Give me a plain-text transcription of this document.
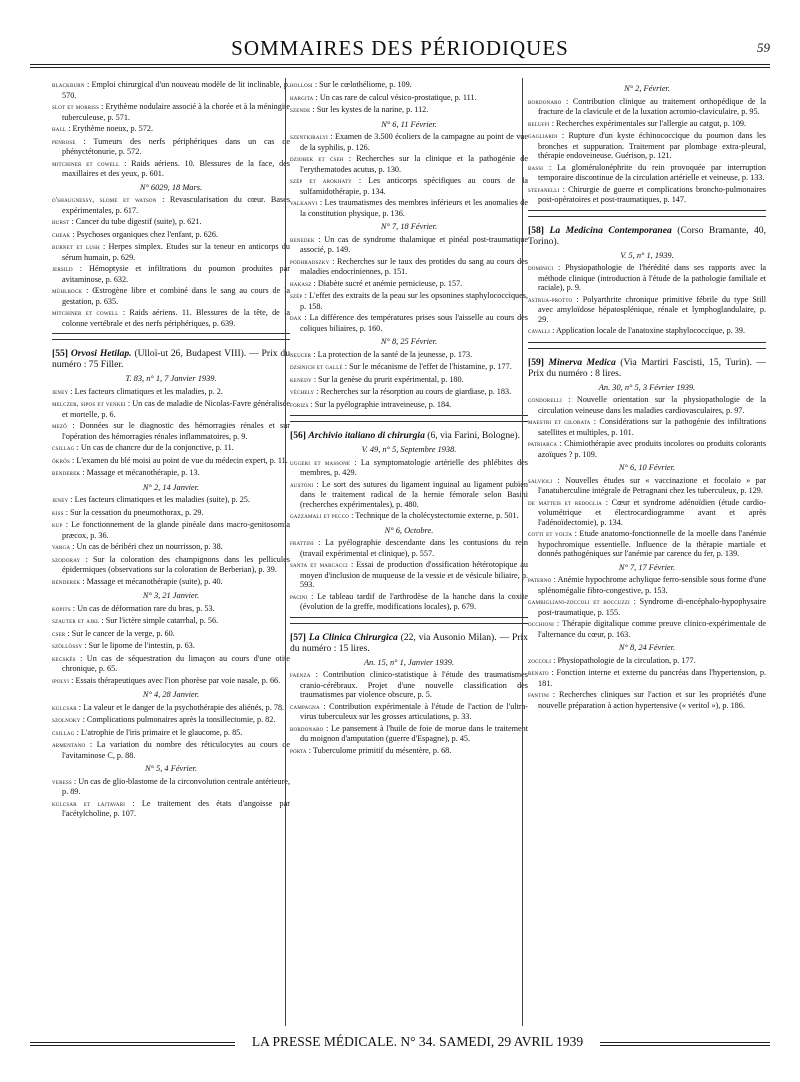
SOMMAIRES DES PÉRIODIQUES	59
blackburn : Emploi chirurgical d'un nouveau modèle de lit inclinable, p. 570.
slot et morriss : Erythème nodulaire associé à la chorée et à la méningite tuberculeuse, p. 571.
hall : Erythème noeux, p. 572.
penrose : Tumeurs des nerfs périphériques dans un cas de phényctétonurie, p. 572.
mitchiner et cowell : Raids aériens. 10. Blessures de la face, des maxillaires et des yeux, p. 601.
N° 6029, 18 Mars.
o'shaugnessy, slome et watson : Revascularisation du cœur. Bases expérimentales, p. 617.
hurst : Cancer du tube digestif (suite), p. 621.
cheak : Psychoses organiques chez l'enfant, p. 626.
burnet et lush : Herpes simplex. Etudes sur la teneur en anticorps du sérum humain, p. 629.
jersild : Hémoptysie et infiltrations du poumon produites par avitaminose, p. 632.
mühlbock : Œstrogène libre et combiné dans le sang au cours de la gestation, p. 635.
mitchiner et cowell : Raids aériens. 11. Blessures de la tête, de la colonne vertébrale et des nerfs périphériques, p. 639.
[55] Orvosi Hetilap. (Ulloï-ut 26, Budapest VIII). — Prix du numéro : 75 Filler.
T. 83, n° 1, 7 Janvier 1939.
jeney : Les facteurs climatiques et les maladies, p. 2.
melczer, sipos et venkei : Un cas de maladie de Nicolas-Favre généralisée et mortelle, p. 6.
mező : Données sur le diagnostic des hémorragies rénales et sur l'opération des hémorragies rénales inflammatoires, p. 9.
csillag : Un cas de chancre dur de la conjonctive, p. 11.
ökrös : L'examen du blé moisi au point de vue du médecin expert, p. 11.
benderek : Massage et mécanothérapie, p. 13.
N° 2, 14 Janvier.
jeney : Les facteurs climatiques et les maladies (suite), p. 25.
kiss : Sur la cessation du pneumothorax, p. 29.
kup : Le fonctionnement de la glande pinéale dans macro-genitosomia præcox, p. 36.
varga : Un cas de béribéri chez un nourrisson, p. 38.
szodoray : Sur la coloration des champignons dans les pellicules épidermiques (observations sur la coloration de Berberian), p. 39.
benderek : Massage et mécanothérapie (suite), p. 40.
N° 3, 21 Janvier.
kopits : Un cas de déformation rare du bras, p. 53.
szauter et ajkl : Sur l'ictère simple catarrhal, p. 56.
cser : Sur le cancer de la verge, p. 60.
szöllössy : Sur le lipome de l'intestin, p. 63.
kecskés : Un cas de séquestration du limaçon au cours d'une otite chronique, p. 65.
ipolyi : Essais thérapeutiques avec l'ion phorèse par voie nasale, p. 66.
N° 4, 28 Janvier.
kulcsar : La valeur et le danger de la psychothérapie des aliénés, p. 78.
szolnoky : Complications pulmonaires après la tonsillectomie, p. 82.
csillag : L'atrophie de l'iris primaire et le glaucome, p. 85.
armentano : La variation du nombre des réticulocytes au cours de l'avitaminose C, p. 88.
N° 5, 4 Février.
veress : Un cas de glio-blastome de la circonvolution centrale antérieure, p. 89.
kulcsar et lajtavari : Le traitement des états d'angoisse par l'acétylcholine, p. 107.
hollosi : Sur le cœlothéliome, p. 109.
hargita : Un cas rare de calcul vésico-prostatique, p. 111.
szende : Sur les kystes de la narine, p. 112.
N° 6, 11 Février.
szentkiralyi : Examen de 3.500 écoliers de la campagne au point de vue de la syphilis, p. 126.
dziobek et cseh : Recherches sur la clinique et la pathogénie de l'erythematodes acutus, p. 130.
szép et arokhaty : Les anticorps spécifiques au cours de la sulfamidothérapie, p. 134.
valkanyi : Les traumatismes des membres inférieurs et les anomalies de la constitution physique, p. 136.
N° 7, 18 Février.
benedek : Un cas de syndrome thalamique et pinéal post-traumatique associé, p. 149.
podhradszky : Recherches sur le taux des protides du sang au cours des maladies endocriniennes, p. 151.
hakasz : Diabète sucré et anémie pernicieuse, p. 157.
szép : L'effet des extraits de la peau sur les opsonines staphylococciques, p. 158.
dax : La différence des températures prises sous l'aisselle au cours des coliques biliaires, p. 160.
N° 8, 25 Février.
neucer : La protection de la santé de la jeunesse, p. 173.
dzsinich et gallé : Sur le mécanisme de l'effet de l'histamine, p. 177.
kenedy : Sur la genèse du prurit expérimental, p. 180.
véchely : Recherches sur la résorption au cours de giardiase, p. 183.
forizs : Sur la pyélographie intraveineuse, p. 184.
[56] Archivio italiano di chirurgia (6, via Farini, Bologne).
V. 49, n° 5, Septembre 1938.
uggeri et massone : La symptomatologie artérielle des phlébites des membres, p. 429.
austoni : Le sort des sutures du ligament inguinal au ligament pubien dans le traitement radical de la hernie fémorale selon Basini (recherches expérimentales), p. 480.
gazzamali et pecco : Technique de la cholécystectomie externe, p. 501.
N° 6, Octobre.
frattini : La pyélographie descendante dans les contusions du rein (travail expérimental et clinique), p. 557.
santa et marcacci : Essai de production d'ossification hétérotopique au moyen d'inclusion de muqueuse de la vessie et de vésicule biliaire, p. 593.
pacini : Le tableau tardif de l'arthrodèse de la hanche dans la coxite (évolution de la greffe, modifications locales), p. 679.
[57] La Clinica Chirurgica (22, via Ausonio Milan). — Prix du numéro : 15 lires.
An. 15, n° 1, Janvier 1939.
faenza : Contribution clinico-statistique à l'étude des traumatismes cranio-cérébraux. Projet d'une nouvelle classification des traumatismes par violence obscure, p. 5.
campagna : Contribution expérimentale à l'étude de l'action de l'ultra-virus tuberculeux sur les grosses articulations, p. 33.
bordonaro : Le pansement à l'huile de foie de morue dans le traitement du moignon d'amputation (guerre d'Espagne), p. 45.
porta : Tuberculome primitif du mésentère, p. 68.
N° 2, Février.
bordonaro : Contribution clinique au traitement orthopédique de la fracture de la clavicule et de la luxation acromio-claviculaire, p. 95.
beluffi : Recherches expérimentales sur l'allergie au catgut, p. 109.
gagliardi : Rupture d'un kyste échinococcique du poumon dans les bronches et suppuration. Traitement par plombage extra-pleural, thérapie endoveineuse. Guérison, p. 121.
bassi : La glomérulonéphrite du rein provoquée par interruption temporaire discontinue de la circulation artérielle et veineuse, p. 133.
stefanelli : Chirurgie de guerre et complications broncho-pulmonaires post-opératoires et post-traumatiques, p. 147.
[58] La Medicina Contemporanea (Corso Bramante, 40, Torino).
V. 5, n° 1, 1939.
dominici : Physiopathologie de l'hérédité dans ses rapports avec la méthode clinique (introduction à l'étude de la pathologie familiale et raciale), p. 9.
astrua-protto : Polyarthrite chronique primitive fébrile du type Still avec amyloïdose hépatosplénique, rénale et lymphoglandulaire, p. 29.
cavalli : Application locale de l'anatoxine staphylococcique, p. 39.
[59] Minerva Medica (Via Martiri Fascisti, 15, Turin). — Prix du numéro : 8 lires.
An. 30, n° 5, 3 Février 1939.
condorelli : Nouvelle orientation sur la physiopathologie de la circulation veineuse dans les maladies cardiovasculaires, p. 97.
maestri et gilorata : Considérations sur la pathogénie des infiltrations satellites et multiples, p. 101.
patriarca : Chimiothérapie avec produits incolores ou produits colorants azoïques ? p. 109.
N° 6, 10 Février.
salvioli : Nouvelles études sur « vaccinazione et focolaio » par l'anatuberculine intégrale de Petragnani chez les tuberculeux, p. 129.
de matteis et redoglia : Cœur et syndrome adénoïdien (étude cardio-volumétrique et électrocardiogramme avant et après l'adénoïdectomie), p. 134.
cotti et volta : Etude anatomo-fonctionnelle de la moelle dans l'anémie hypochromique essentielle. Influence de la thérapie martiale et donnés pathogéniques sur l'anémie par carence du fer, p. 139.
N° 7, 17 Février.
paterno : Anémie hypochrome achylique ferro-sensible sous forme d'une splénomégalie fibro-congestive, p. 153.
gambigliani-zoccoli et boccuzzi : Syndrome di-encéphalo-hypophysaire post-traumatique, p. 155.
occhioni : Thérapie digitalique comme preuve clinico-expérimentale de l'alternance du cœur, p. 163.
N° 8, 24 Février.
zoccoli : Physiopathologie de la circulation, p. 177.
renato : Fonction interne et externe du pancréas dans l'hypertension, p. 181.
fantini : Recherches cliniques sur l'action et sur les propriétés d'une nouvelle préparation à action hypertensive (« veritol »), p. 186.
LA PRESSE MÉDICALE. N° 34. SAMEDI, 29 AVRIL 1939
